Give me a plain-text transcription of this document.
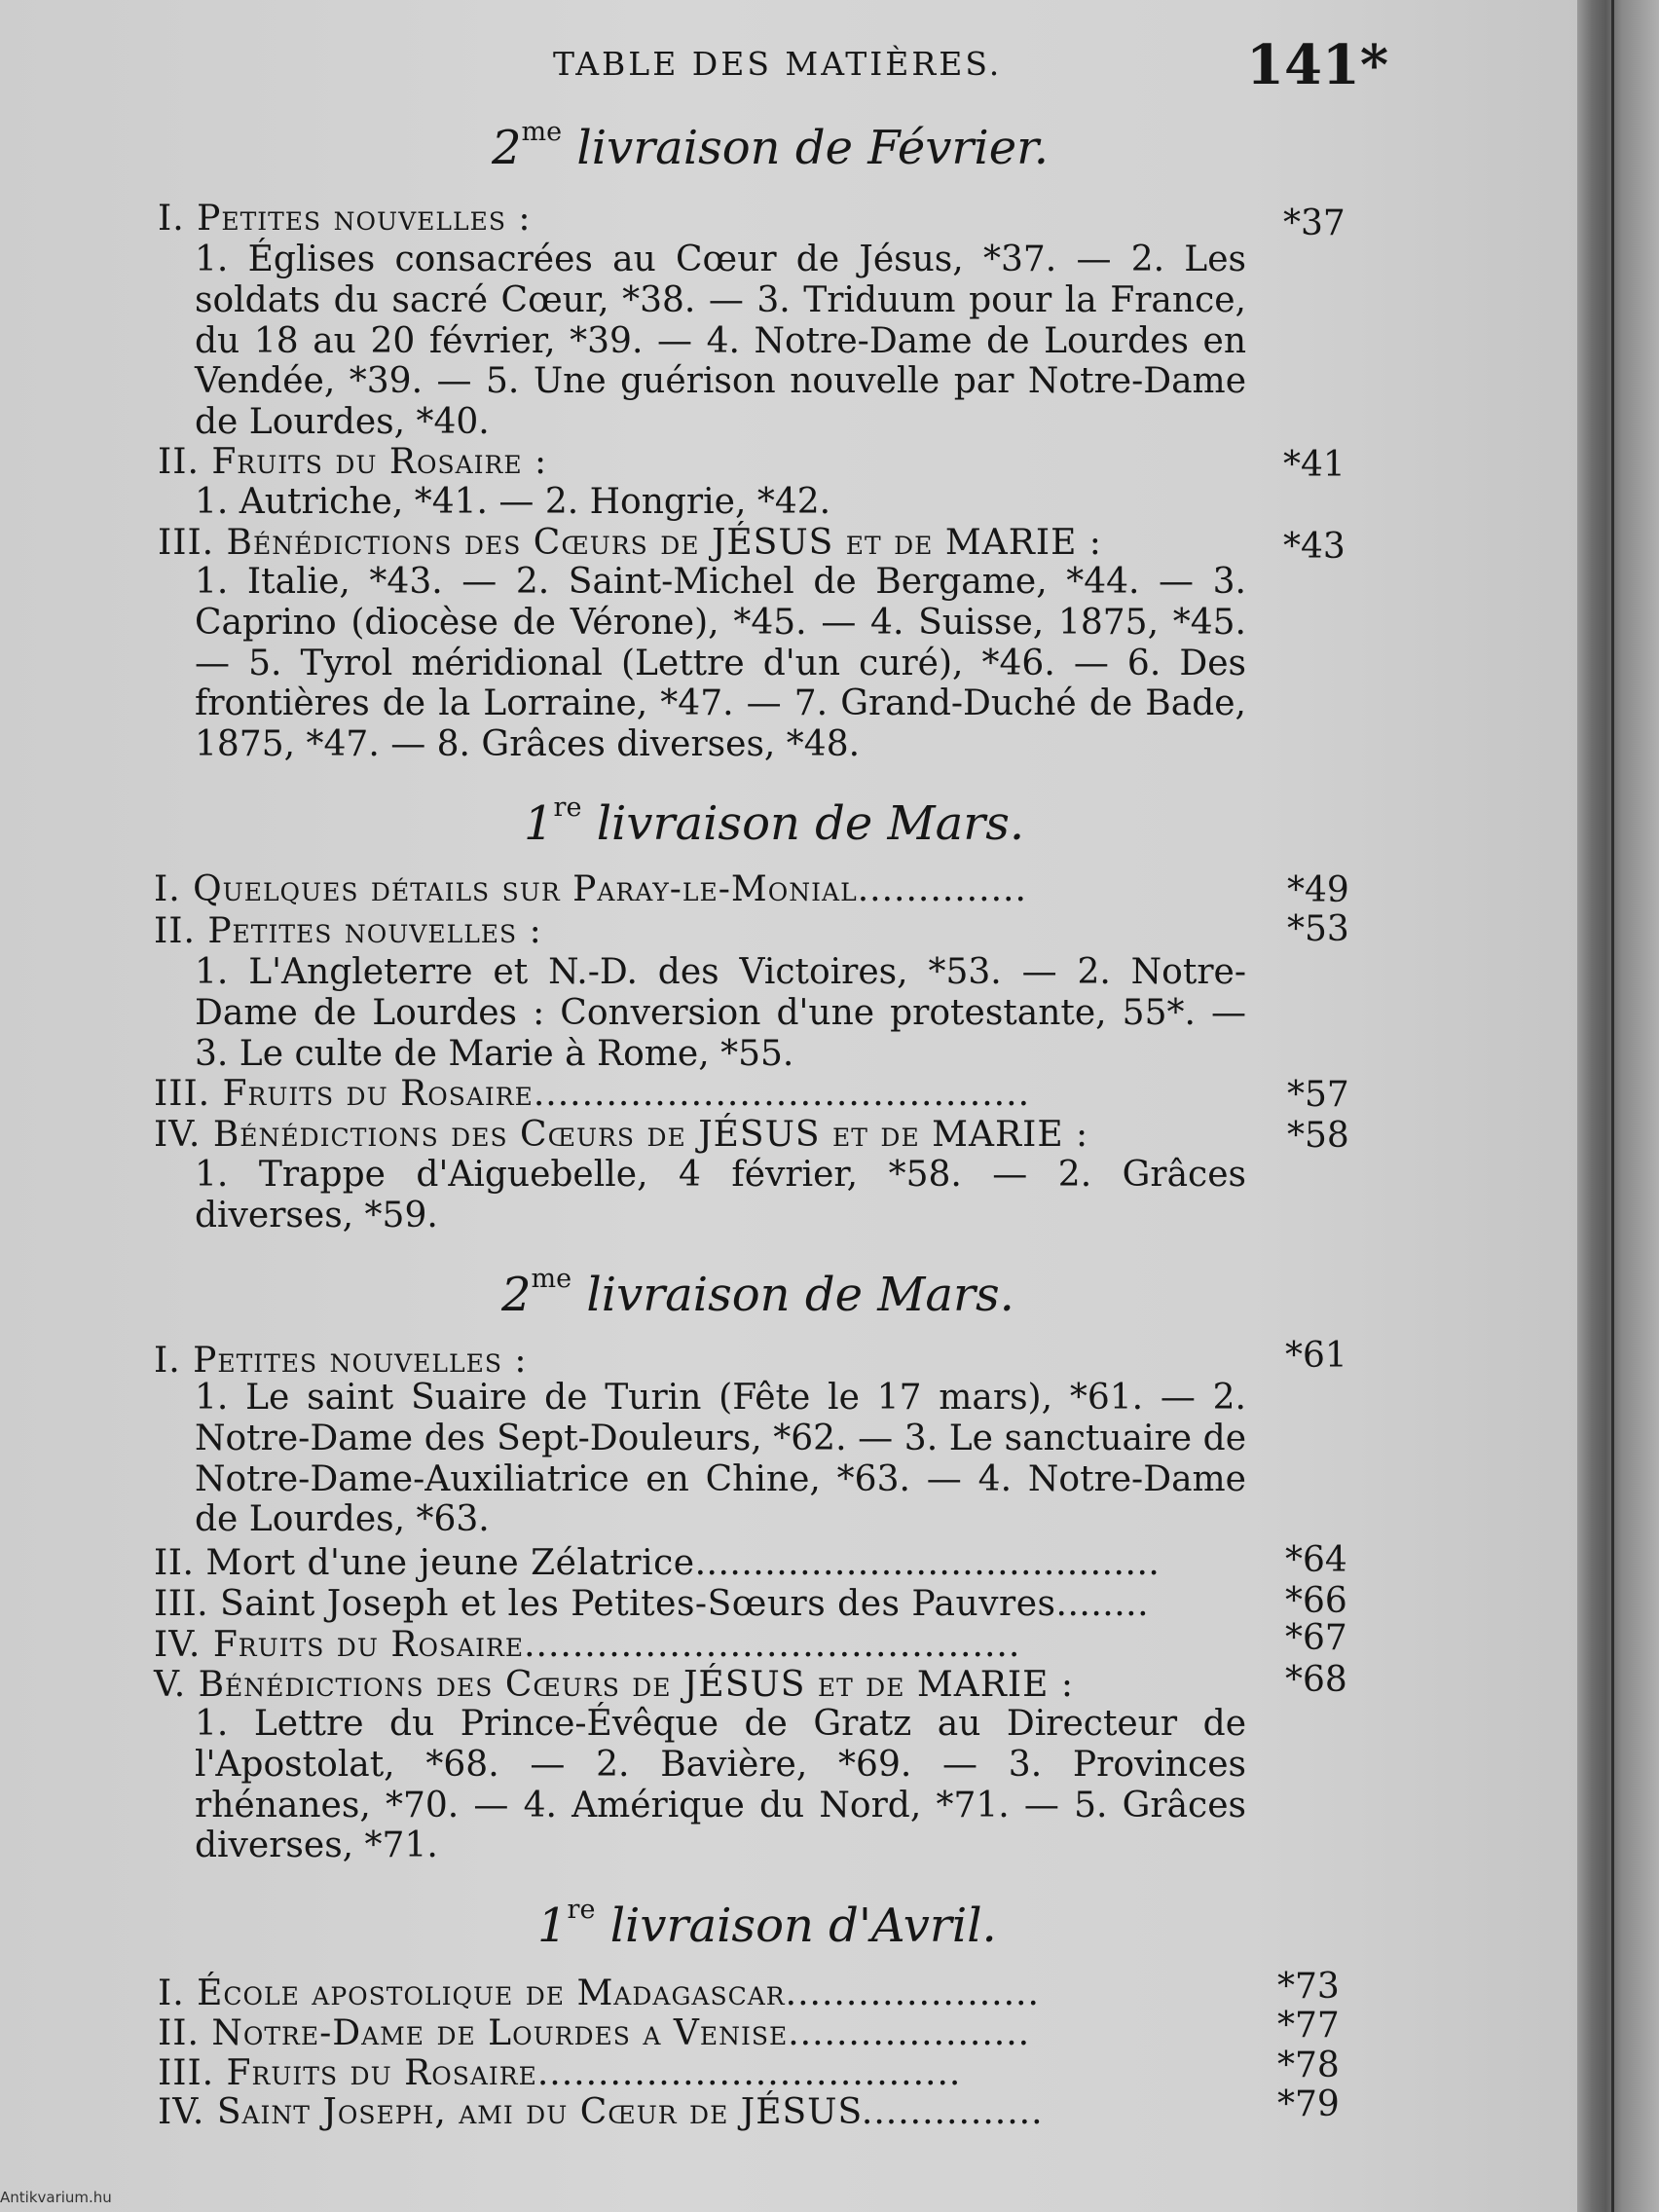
TABLE DES MATIÈRES.	141*
$2^{me}$ livraison de Février.
I. Petites nouvelles :	*37
1. Églises consacrées au Cœur de Jésus, *37. — 2. Les soldats du sacré Cœur, *38. — 3. Triduum pour la France, du 18 au 20 février, *39. — 4. Notre-Dame de Lourdes en Vendée, *39. — 5. Une guérison nouvelle par Notre-Dame de Lourdes, *40.
II. Fruits du Rosaire :	*41
1. Autriche, *41. — 2. Hongrie, *42.
III. Bénédictions des Cœurs de JÉSUS et de MARIE :	*43
1. Italie, *43. — 2. Saint-Michel de Bergame, *44. — 3. Caprino (diocèse de Vérone), *45. — 4. Suisse, 1875, *45. — 5. Tyrol méridional (Lettre d'un curé), *46. — 6. Des frontières de la Lorraine, *47. — 7. Grand-Duché de Bade, 1875, *47. — 8. Grâces diverses, *48.
1re livraison de Mars.
I. Quelques détails sur Paray-le-Monial..............	*49
II. Petites nouvelles :	*53
1. L'Angleterre et N.-D. des Victoires, *53. — 2. Notre-Dame de Lourdes : Conversion d'une protestante, 55*. — 3. Le culte de Marie à Rome, *55.
III. Fruits du Rosaire.........................................	*57
IV. Bénédictions des Cœurs de JÉSUS et de MARIE :	*58
1. Trappe d'Aiguebelle, 4 février, *58. — 2. Grâces diverses, *59.
$2^{me}$ livraison de Mars.
I. Petites nouvelles :	*61
1. Le saint Suaire de Turin (Fête le 17 mars), *61. — 2. Notre-Dame des Sept-Douleurs, *62. — 3. Le sanctuaire de Notre-Dame-Auxiliatrice en Chine, *63. — 4. Notre-Dame de Lourdes, *63.
II. Mort d'une jeune Zélatrice........................................	*64
III. Saint Joseph et les Petites-Sœurs des Pauvres........	*66
IV. Fruits du Rosaire.........................................	*67
V. Bénédictions des Cœurs de JÉSUS et de MARIE :	*68
1. Lettre du Prince-Évêque de Gratz au Directeur de l'Apostolat, *68. — 2. Bavière, *69. — 3. Provinces rhénanes, *70. — 4. Amérique du Nord, *71. — 5. Grâces diverses, *71.
1re livraison d'Avril.
I. École apostolique de Madagascar.....................	*73
II. Notre-Dame de Lourdes a Venise....................	*77
III. Fruits du Rosaire...................................	*78
IV. Saint Joseph, ami du Cœur de JÉSUS...............	*79
Antikvarium.hu
